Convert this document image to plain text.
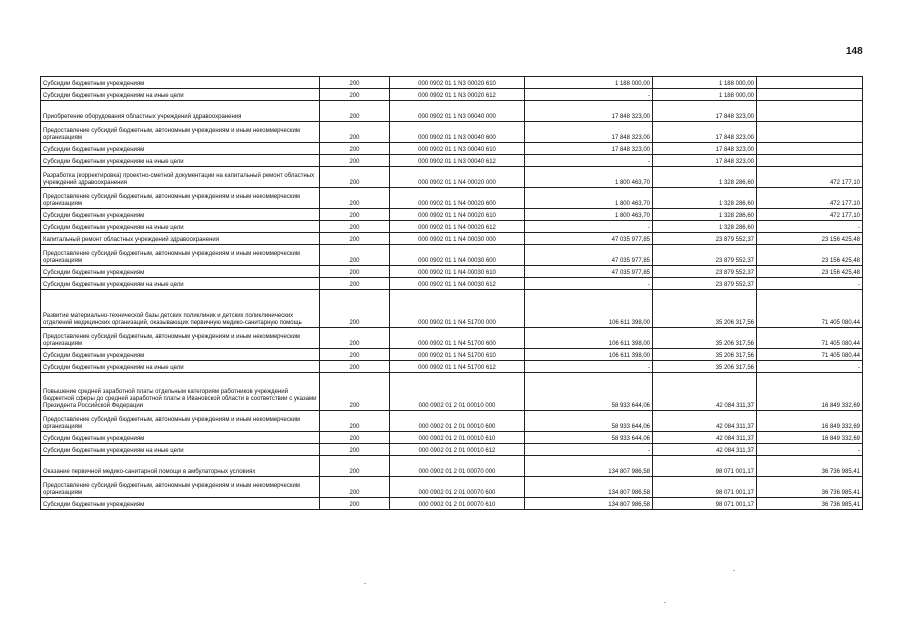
148
Субсидии бюджетным учреждениям	200	000 0902 01 1 N3 00020 610	1 188 000,00	1 188 000,00	
Субсидии бюджетным учреждениям на иные цели	200	000 0902 01 1 N3 00020 612	-	1 188 000,00	
Приобретение оборудования областных учреждений здравоохранения	200	000 0902 01 1 N3 00040 000	17 848 323,00	17 848 323,00	
Предоставление субсидий бюджетным, автономным учреждениям и иным некоммерческим организациям	200	000 0902 01 1 N3 00040 600	17 848 323,00	17 848 323,00	
Субсидии бюджетным учреждениям	200	000 0902 01 1 N3 00040 610	17 848 323,00	17 848 323,00	
Субсидии бюджетным учреждениям на иные цели	200	000 0902 01 1 N3 00040 612	-	17 848 323,00	
Разработка (корректировка) проектно-сметной документации на капитальный ремонт областных учреждений здравоохранения	200	000 0902 01 1 N4 00020 000	1 800 463,70	1 328 286,60	472 177,10
Предоставление субсидий бюджетным, автономным учреждениям и иным некоммерческим организациям	200	000 0902 01 1 N4 00020 600	1 800 463,70	1 328 286,60	472 177,10
Субсидии бюджетным учреждениям	200	000 0902 01 1 N4 00020 610	1 800 463,70	1 328 286,60	472 177,10
Субсидии бюджетным учреждениям на иные цели	200	000 0902 01 1 N4 00020 612	-	1 328 286,60	-
Капитальный ремонт областных учреждений здравоохранения	200	000 0902 01 1 N4 00030 000	47 035 977,85	23 879 552,37	23 156 425,48
Предоставление субсидий бюджетным, автономным учреждениям и иным некоммерческим организациям	200	000 0902 01 1 N4 00030 600	47 035 977,85	23 879 552,37	23 156 425,48
Субсидии бюджетным учреждениям	200	000 0902 01 1 N4 00030 610	47 035 977,85	23 879 552,37	23 156 425,48
Субсидии бюджетным учреждениям на иные цели	200	000 0902 01 1 N4 00030 612	-	23 879 552,37	-
Развитие материально-технической базы детских поликлиник и детских поликлинических отделений медицинских организаций, оказывающих первичную медико-санитарную помощь	200	000 0902 01 1 N4 51700 000	106 611 398,00	35 206 317,56	71 405 080,44
Предоставление субсидий бюджетным, автономным учреждениям и иным некоммерческим организациям	200	000 0902 01 1 N4 51700 600	106 611 398,00	35 206 317,56	71 405 080,44
Субсидии бюджетным учреждениям	200	000 0902 01 1 N4 51700 610	106 611 398,00	35 206 317,56	71 405 080,44
Субсидии бюджетным учреждениям на иные цели	200	000 0902 01 1 N4 51700 612	-	35 206 317,56	-
Повышение средней заработной платы отдельным категориям работников учреждений бюджетной сферы до средней заработной платы в Ивановской области в соответствии с указами Президента Российской Федерации	200	000 0902 01 2 01 00010 000	58 933 644,06	42 084 311,37	16 849 332,69
Предоставление субсидий бюджетным, автономным учреждениям и иным некоммерческим организациям	200	000 0902 01 2 01 00010 600	58 933 644,06	42 084 311,37	16 849 332,69
Субсидии бюджетным учреждениям	200	000 0902 01 2 01 00010 610	58 933 644,06	42 084 311,37	16 849 332,69
Субсидии бюджетным учреждениям на иные цели	200	000 0902 01 2 01 00010 612	-	42 084 311,37	-
Оказание первичной медико-санитарной помощи в амбулаторных условиях	200	000 0902 01 2 01 00070 000	134 807 986,58	98 071 001,17	36 736 985,41
Предоставление субсидий бюджетным, автономным учреждениям и иным некоммерческим организациям	200	000 0902 01 2 01 00070 600	134 807 986,58	98 071 001,17	36 736 985,41
Субсидии бюджетным учреждениям	200	000 0902 01 2 01 00070 610	134 807 986,58	98 071 001,17	36 736 985,41
